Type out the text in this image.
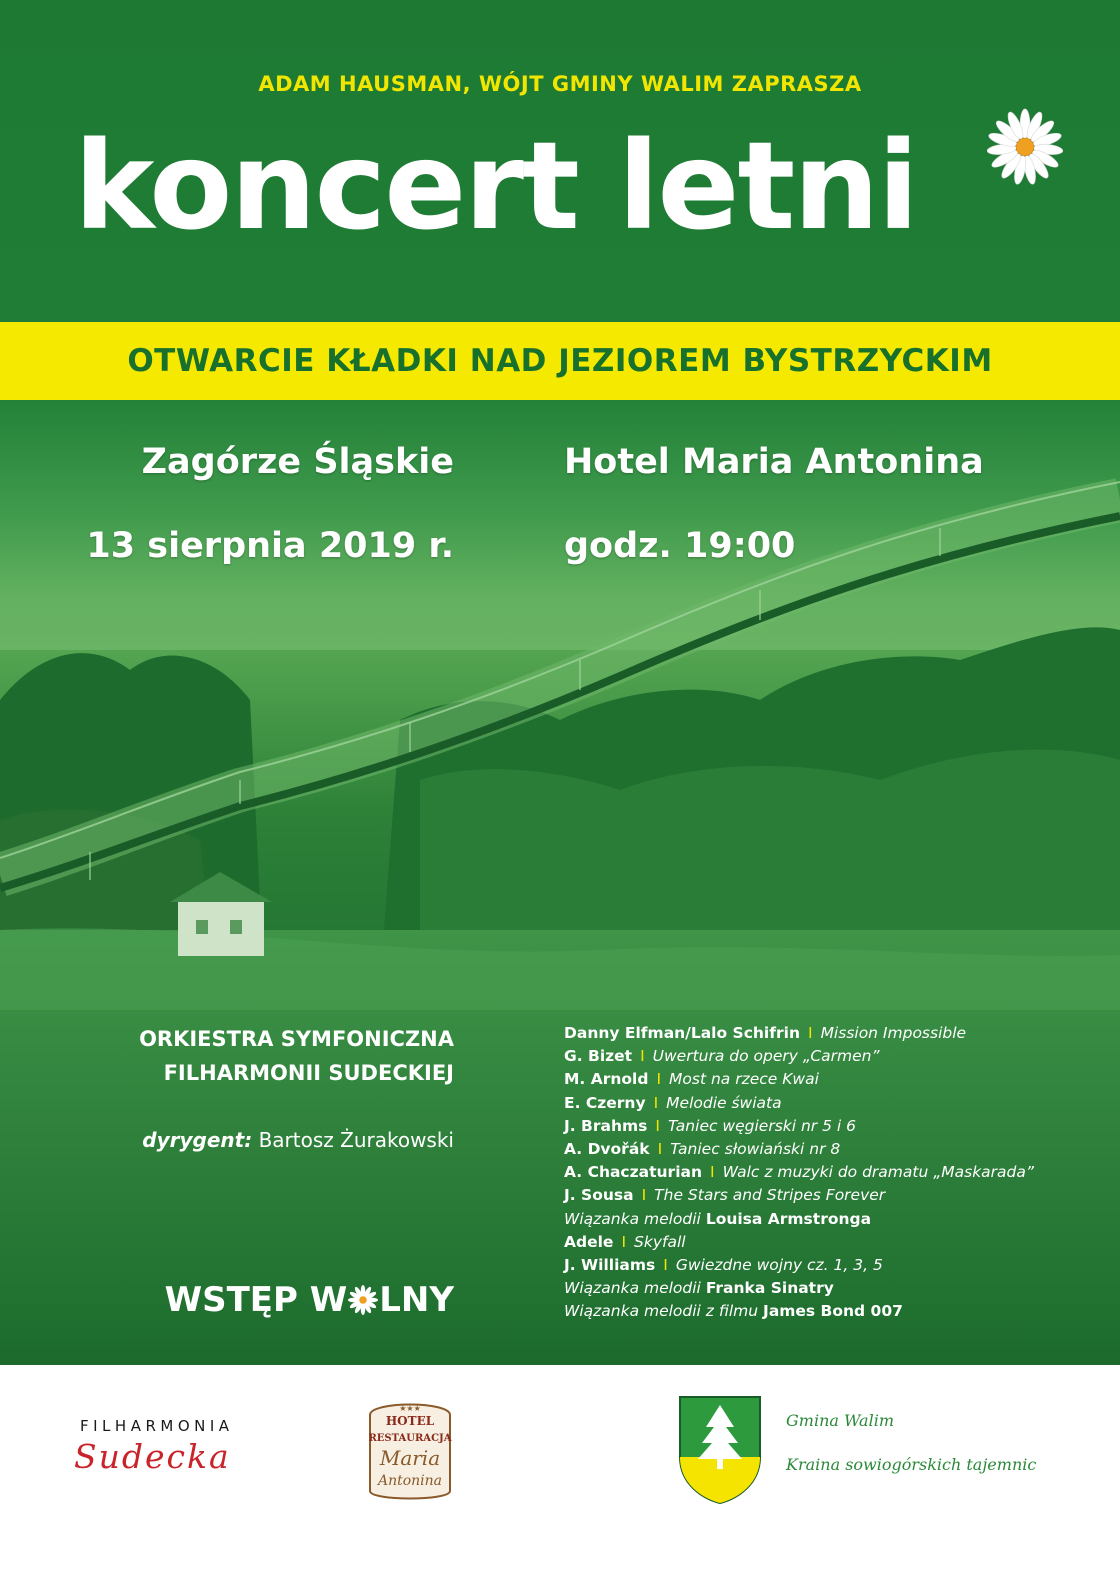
ADAM HAUSMAN, WÓJT GMINY WALIM ZAPRASZA
koncert letni
OTWARCIE KŁADKI NAD JEZIOREM BYSTRZYCKIM
Zagórze Śląskie	Hotel Maria Antonina
13 sierpnia 2019 r.	godz. 19:00
ORKIESTRA SYMFONICZNA
FILHARMONII SUDECKIEJ
dyrygent: Bartosz Żurakowski
WSTĘP W LNY
Danny Elfman/Lalo Schifrin I Mission Impossible
G. Bizet I Uwertura do opery „Carmen”
M. Arnold I Most na rzece Kwai
E. Czerny I Melodie świata
J. Brahms I Taniec węgierski nr 5 i 6
A. Dvořák I Taniec słowiański nr 8
A. Chaczaturian I Walc z muzyki do dramatu „Maskarada”
J. Sousa I The Stars and Stripes Forever
Wiązanka melodii Louisa Armstronga
Adele I Skyfall
J. Williams I Gwiezdne wojny cz. 1, 3, 5
Wiązanka melodii Franka Sinatry
Wiązanka melodii z filmu James Bond 007
FILHARMONIA
Sudecka
★★★
HOTEL
RESTAURACJA
Maria
Antonina
Gmina Walim
Kraina sowiogórskich tajemnic
